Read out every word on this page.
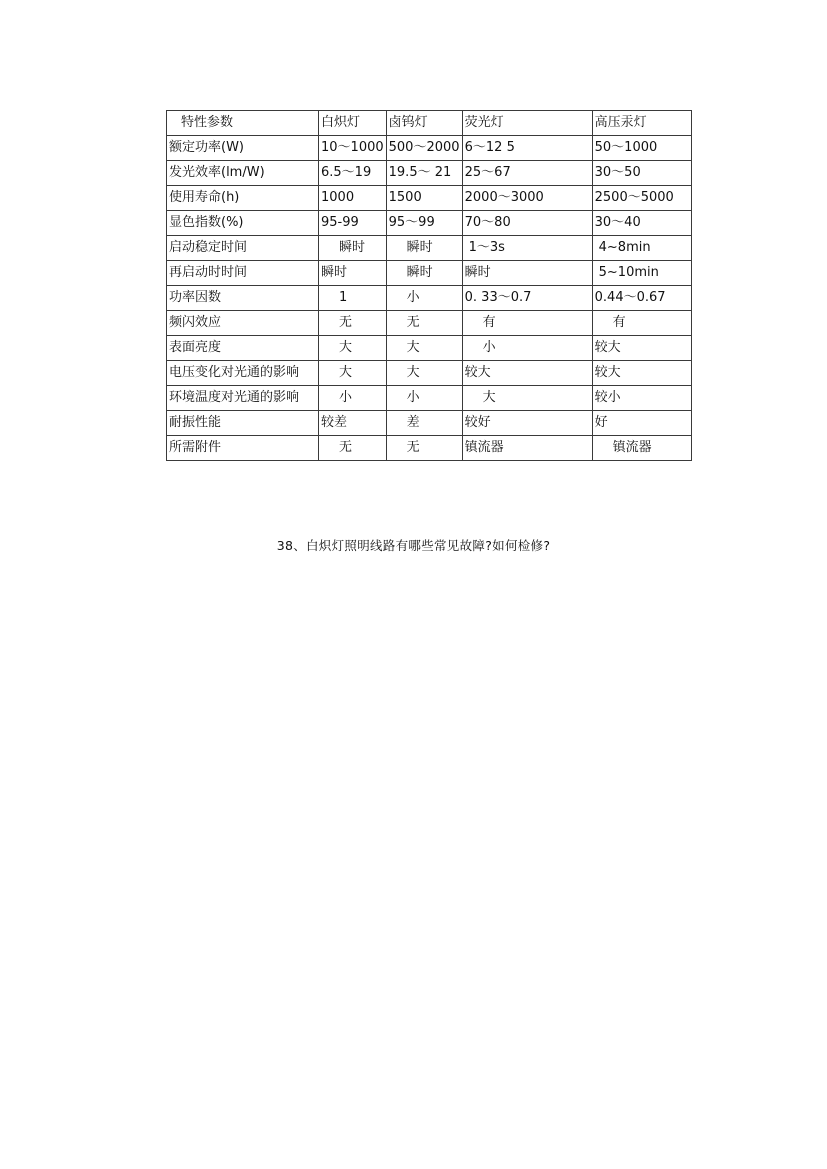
特性参数	白炽灯	卤钨灯	荧光灯	高压汞灯
额定功率(W)	10～1000	500～2000	6～12 5	50～1000
发光效率(lm/W)	6.5～19	19.5～ 21	25～67	30～50
使用寿命(h)	1000	1500	2000～3000	2500～5000
显色指数(%)	95-99	95～99	70～80	30～40
启动稳定时间	瞬时	瞬时	1～3s	4~8min
再启动时时间	瞬时	瞬时	瞬时	5~10min
功率因数	1	小	0. 33～0.7	0.44～0.67
频闪效应	无	无	有	有
表面亮度	大	大	小	较大
电压变化对光通的影响	大	大	较大	较大
环境温度对光通的影响	小	小	大	较小
耐振性能	较差	差	较好	好
所需附件	无	无	镇流器	镇流器
38、白炽灯照明线路有哪些常见故障?如何检修?
